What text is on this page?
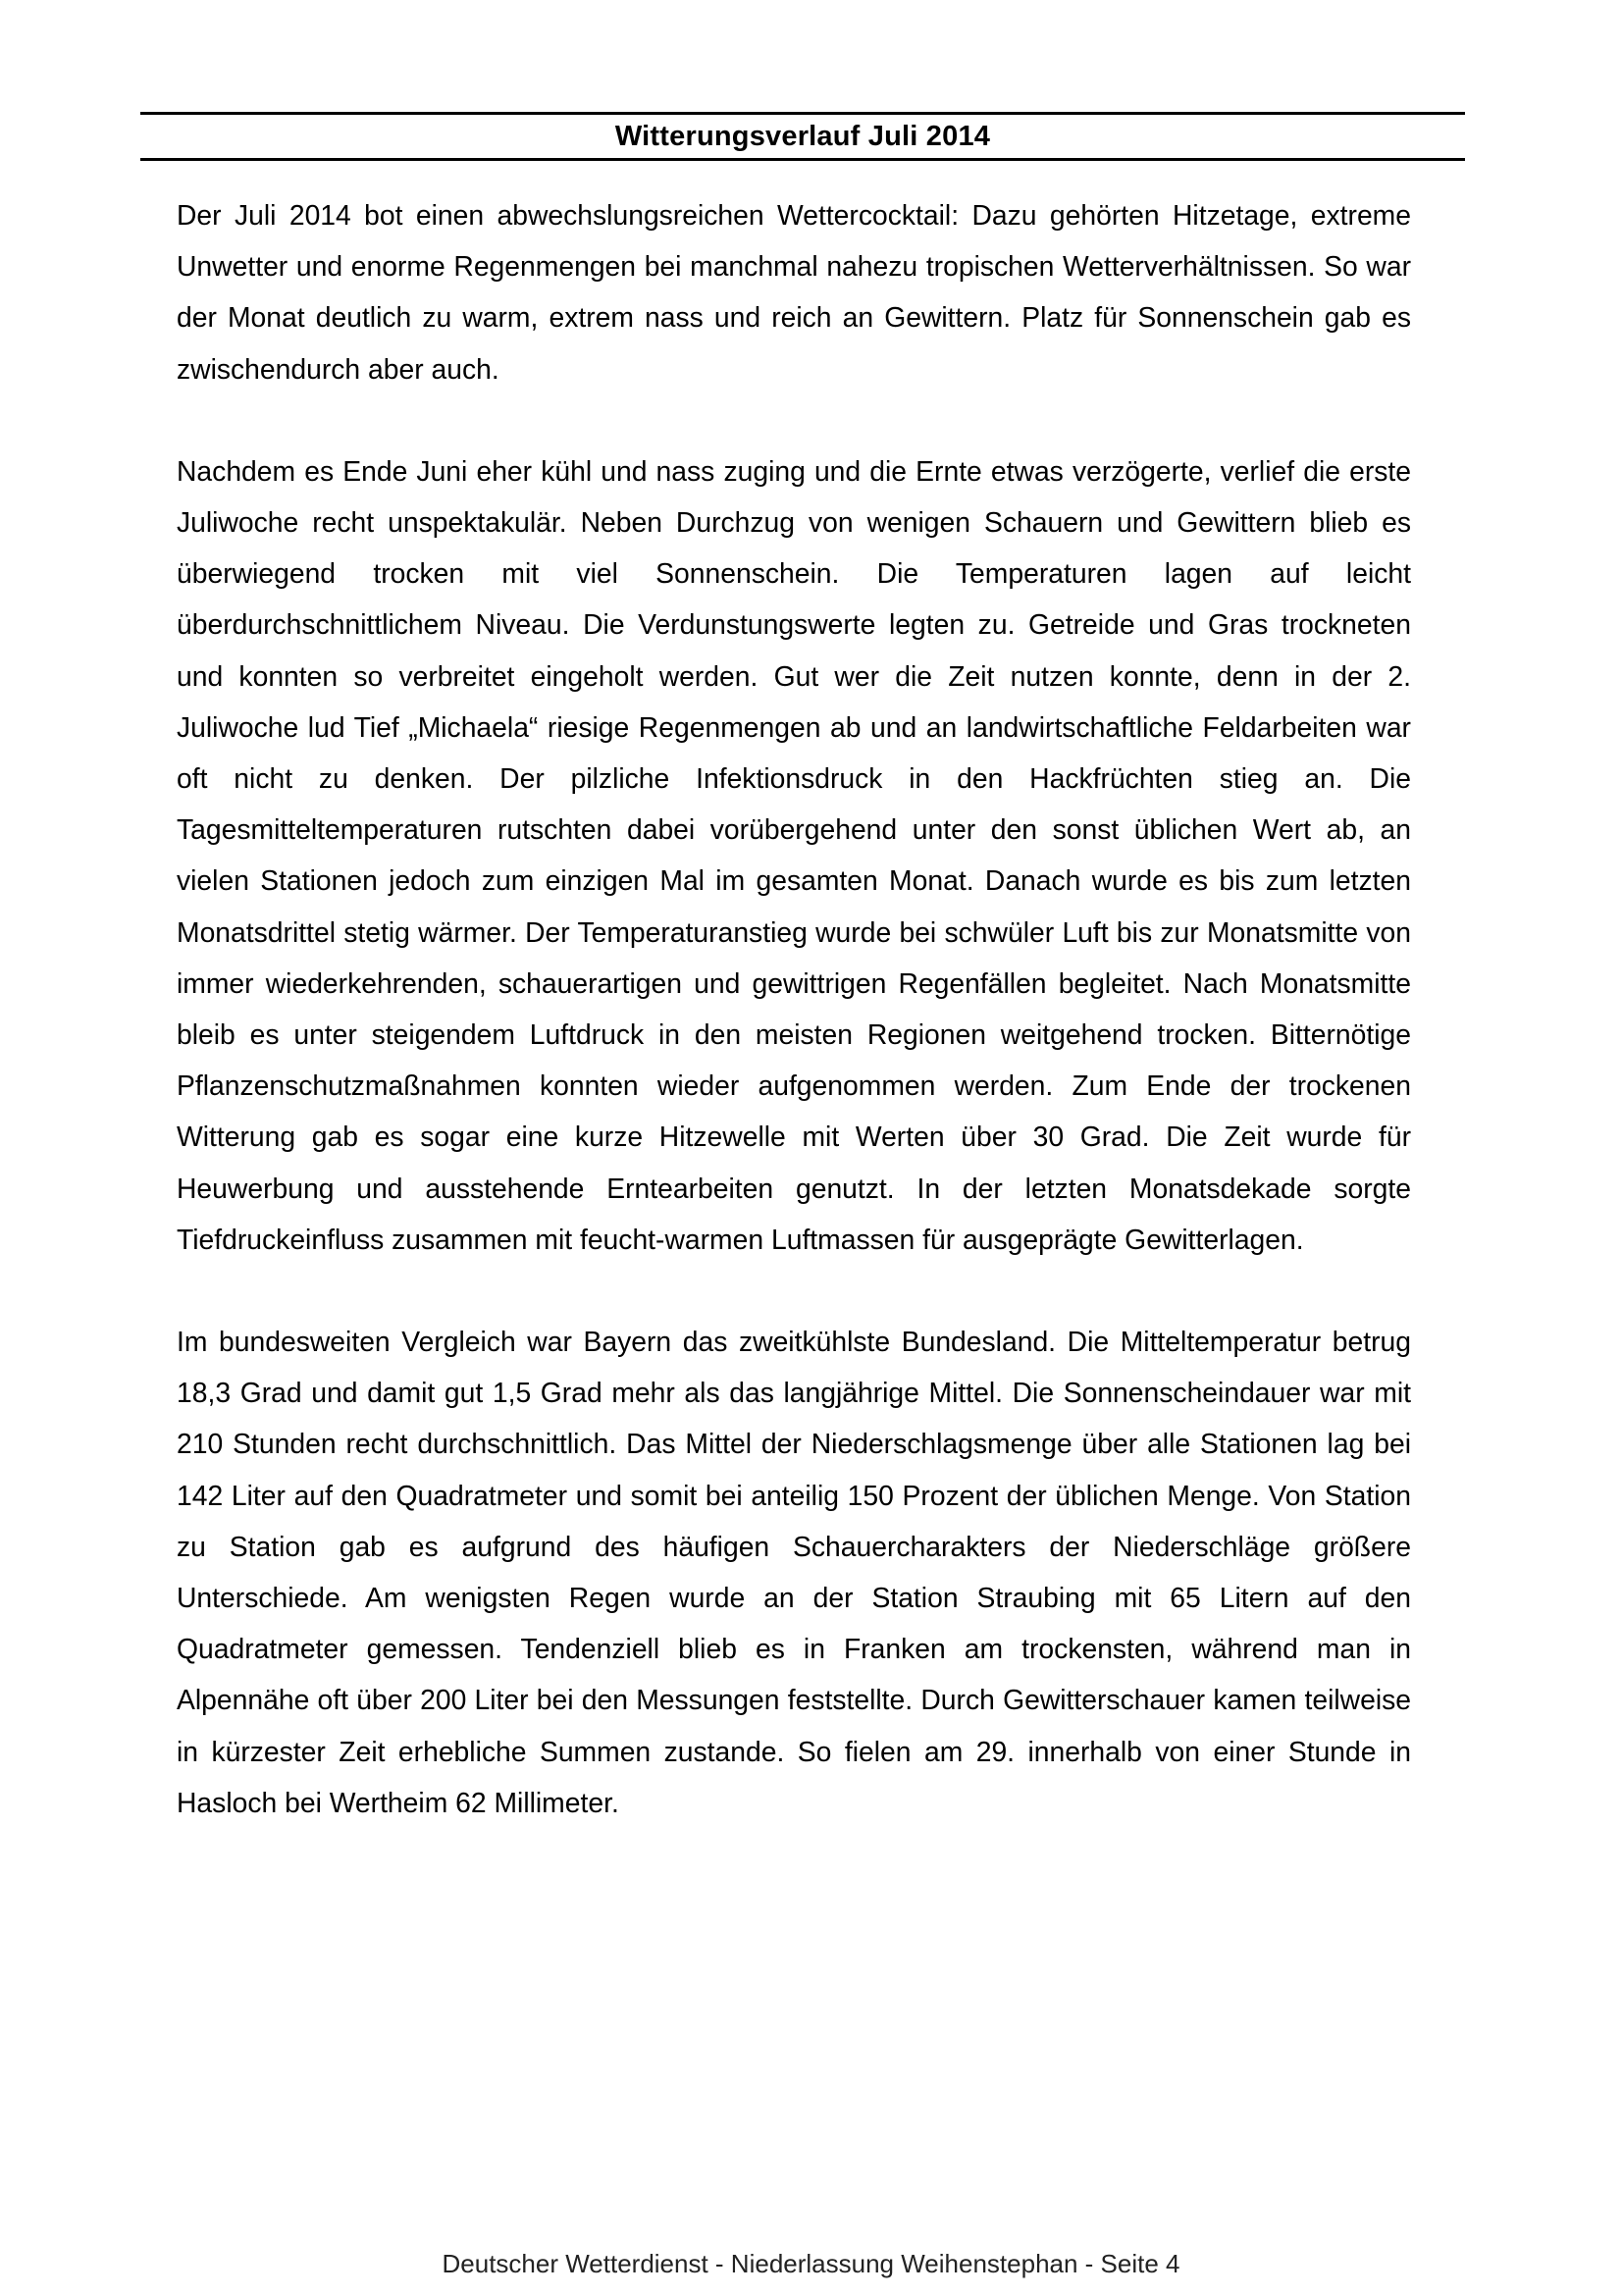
Witterungsverlauf Juli 2014

Der Juli 2014 bot einen abwechslungsreichen Wettercocktail: Dazu gehörten Hitzetage, extreme Unwetter und enorme Regenmengen bei manchmal nahezu tropischen Wetterverhältnissen. So war der Monat deutlich zu warm, extrem nass und reich an Gewittern. Platz für Sonnenschein gab es zwischendurch aber auch.

Nachdem es Ende Juni eher kühl und nass zuging und die Ernte etwas verzögerte, verlief die erste Juliwoche recht unspektakulär. Neben Durchzug von wenigen Schauern und Gewittern blieb es überwiegend trocken mit viel Sonnenschein. Die Temperaturen lagen auf leicht überdurchschnittlichem Niveau. Die Verdunstungswerte legten zu. Getreide und Gras trockneten und konnten so verbreitet eingeholt werden. Gut wer die Zeit nutzen konnte, denn in der 2. Juliwoche lud Tief „Michaela“ riesige Regenmengen ab und an landwirtschaftliche Feldarbeiten war oft nicht zu denken. Der pilzliche Infektionsdruck in den Hackfrüchten stieg an. Die Tagesmitteltemperaturen rutschten dabei vorübergehend unter den sonst üblichen Wert ab, an vielen Stationen jedoch zum einzigen Mal im gesamten Monat. Danach wurde es bis zum letzten Monatsdrittel stetig wärmer. Der Temperaturanstieg wurde bei schwüler Luft bis zur Monatsmitte von immer wiederkehrenden, schauerartigen und gewittrigen Regenfällen begleitet. Nach Monatsmitte bleib es unter steigendem Luftdruck in den meisten Regionen weitgehend trocken. Bitternötige Pflanzenschutzmaßnahmen konnten wieder aufgenommen werden. Zum Ende der trockenen Witterung gab es sogar eine kurze Hitzewelle mit Werten über 30 Grad. Die Zeit wurde für Heuwerbung und ausstehende Erntearbeiten genutzt. In der letzten Monatsdekade sorgte Tiefdruckeinfluss zusammen mit feucht-warmen Luftmassen für ausgeprägte Gewitterlagen.

Im bundesweiten Vergleich war Bayern das zweitkühlste Bundesland. Die Mitteltemperatur betrug 18,3 Grad und damit gut 1,5 Grad mehr als das langjährige Mittel. Die Sonnenscheindauer war mit 210 Stunden recht durchschnittlich. Das Mittel der Niederschlagsmenge über alle Stationen lag bei 142 Liter auf den Quadratmeter und somit bei anteilig 150 Prozent der üblichen Menge. Von Station zu Station gab es aufgrund des häufigen Schauercharakters der Niederschläge größere Unterschiede. Am wenigsten Regen wurde an der Station Straubing mit 65 Litern auf den Quadratmeter gemessen. Tendenziell blieb es in Franken am trockensten, während man in Alpennähe oft über 200 Liter bei den Messungen feststellte. Durch Gewitterschauer kamen teilweise in kürzester Zeit erhebliche Summen zustande. So fielen am 29. innerhalb von einer Stunde in Hasloch bei Wertheim 62 Millimeter.

Deutscher Wetterdienst - Niederlassung Weihenstephan - Seite 4
